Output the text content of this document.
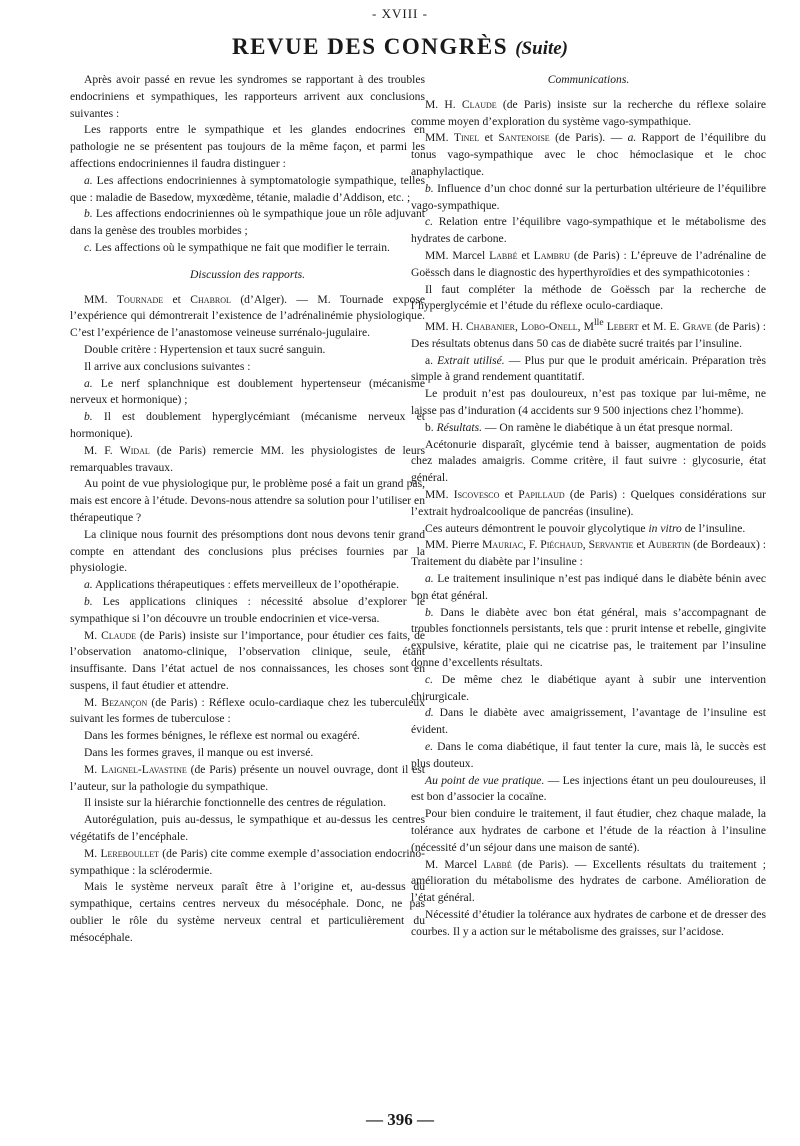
- XVIII -
REVUE DES CONGRÈS (Suite)

Après avoir passé en revue les syndromes se rapportant à des troubles endocriniens et sympathiques, les rapporteurs arrivent aux conclusions suivantes :

Les rapports entre le sympathique et les glandes endocrines en pathologie ne se présentent pas toujours de la même façon, et parmi les affections endocriniennes il faudra distinguer :

a. Les affections endocriniennes à symptomatologie sympathique, telles que : maladie de Basedow, myxœdème, tétanie, maladie d’Addison, etc. ;

b. Les affections endocriniennes où le sympathique joue un rôle adjuvant dans la genèse des troubles morbides ;

c. Les affections où le sympathique ne fait que modifier le terrain.

Discussion des rapports.

MM. Tournade et Chabrol (d’Alger). — M. Tournade expose l’expérience qui démontrerait l’existence de l’adrénalinémie physiologique. C’est l’expérience de l’anastomose veineuse surrénalo-jugulaire.

Double critère : Hypertension et taux sucré sanguin.

Il arrive aux conclusions suivantes :

a. Le nerf splanchnique est doublement hypertenseur (mécanisme nerveux et hormonique) ;

b. Il est doublement hyperglycémiant (mécanisme nerveux et hormonique).

M. F. Widal (de Paris) remercie MM. les physiologistes de leurs remarquables travaux.

Au point de vue physiologique pur, le problème posé a fait un grand pas, mais est encore à l’étude. Devons-nous attendre sa solution pour l’utiliser en thérapeutique ?

La clinique nous fournit des présomptions dont nous devons tenir grand compte en attendant des conclusions plus précises fournies par la physiologie.

a. Applications thérapeutiques : effets merveilleux de l’opothérapie.

b. Les applications cliniques : nécessité absolue d’explorer le sympathique si l’on découvre un trouble endocrinien et vice-versa.

M. Claude (de Paris) insiste sur l’importance, pour étudier ces faits, de l’observation anatomo-clinique, l’observation clinique, seule, étant insuffisante. Dans l’état actuel de nos connaissances, les choses sont en suspens, il faut étudier et attendre.

M. Bezançon (de Paris) : Réflexe oculo-cardiaque chez les tuberculeux suivant les formes de tuberculose :

Dans les formes bénignes, le réflexe est normal ou exagéré.

Dans les formes graves, il manque ou est inversé.

M. Laignel-Lavastine (de Paris) présente un nouvel ouvrage, dont il est l’auteur, sur la pathologie du sympathique.

Il insiste sur la hiérarchie fonctionnelle des centres de régulation.

Autorégulation, puis au-dessus, le sympathique et au-dessus les centres végétatifs de l’encéphale.

M. Lereboullet (de Paris) cite comme exemple d’association endocrino-sympathique : la sclérodermie.

Mais le système nerveux paraît être à l’origine et, au-dessus du sympathique, certains centres nerveux du mésocéphale. Donc, ne pas oublier le rôle du système nerveux central et particulièrement du mésocéphale.

Communications.

M. H. Claude (de Paris) insiste sur la recherche du réflexe solaire comme moyen d’exploration du système vago-sympathique.

MM. Tinel et Santenoise (de Paris). — a. Rapport de l’équilibre du tonus vago-sympathique avec le choc hémoclasique et le choc anaphylactique.

b. Influence d’un choc donné sur la perturbation ultérieure de l’équilibre vago-sympathique.

c. Relation entre l’équilibre vago-sympathique et le métabolisme des hydrates de carbone.

MM. Marcel Labbé et Lambru (de Paris) : L’épreuve de l’adrénaline de Goëssch dans le diagnostic des hyperthyroïdies et des sympathicotonies :

Il faut compléter la méthode de Goëssch par la recherche de l’hyperglycémie et l’étude du réflexe oculo-cardiaque.

MM. H. Chabanier, Lobo-Onell, $M^{lle}$ Lebert et M. E. Grave (de Paris) : Des résultats obtenus dans 50 cas de diabète sucré traités par l’insuline.

a. Extrait utilisé. — Plus pur que le produit américain. Préparation très simple à grand rendement quantitatif.

Le produit n’est pas douloureux, n’est pas toxique par lui-même, ne laisse pas d’induration (4 accidents sur 9 500 injections chez l’homme).

b. Résultats. — On ramène le diabétique à un état presque normal.

Acétonurie disparaît, glycémie tend à baisser, augmentation de poids chez malades amaigris. Comme critère, il faut suivre : glycosurie, état général.

MM. Iscovesco et Papillaud (de Paris) : Quelques considérations sur l’extrait hydroalcoolique de pancréas (insuline).

Ces auteurs démontrent le pouvoir glycolytique in vitro de l’insuline.

MM. Pierre Mauriac, F. Piéchaud, Servantie et Aubertin (de Bordeaux) : Traitement du diabète par l’insuline :

a. Le traitement insulinique n’est pas indiqué dans le diabète bénin avec bon état général.

b. Dans le diabète avec bon état général, mais s’accompagnant de troubles fonctionnels persistants, tels que : prurit intense et rebelle, gingivite expulsive, kératite, plaie qui ne cicatrise pas, le traitement par l’insuline donne d’excellents résultats.

c. De même chez le diabétique ayant à subir une intervention chirurgicale.

d. Dans le diabète avec amaigrissement, l’avantage de l’insuline est évident.

e. Dans le coma diabétique, il faut tenter la cure, mais là, le succès est plus douteux.

Au point de vue pratique. — Les injections étant un peu douloureuses, il est bon d’associer la cocaïne.

Pour bien conduire le traitement, il faut étudier, chez chaque malade, la tolérance aux hydrates de carbone et l’étude de la réaction à l’insuline (nécessité d’un séjour dans une maison de santé).

M. Marcel Labbé (de Paris). — Excellents résultats du traitement ; amélioration du métabolisme des hydrates de carbone. Amélioration de l’état général.

Nécessité d’étudier la tolérance aux hydrates de carbone et de dresser des courbes. Il y a action sur le métabolisme des graisses, sur l’acidose.

— 396 —
